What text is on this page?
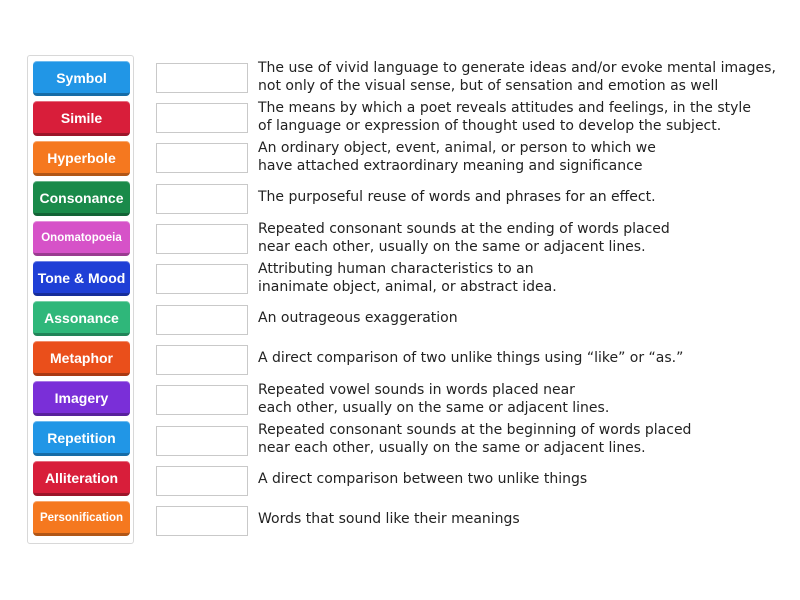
Symbol
Simile
Hyperbole
Consonance
Onomatopoeia
Tone & Mood
Assonance
Metaphor
Imagery
Repetition
Alliteration
Personification
The use of vivid language to generate ideas and/or evoke mental images,
not only of the visual sense, but of sensation and emotion as well
The means by which a poet reveals attitudes and feelings, in the style
of language or expression of thought used to develop the subject.
An ordinary object, event, animal, or person to which we
have attached extraordinary meaning and significance
The purposeful reuse of words and phrases for an effect.
Repeated consonant sounds at the ending of words placed
near each other, usually on the same or adjacent lines.
Attributing human characteristics to an
inanimate object, animal, or abstract idea.
An outrageous exaggeration
A direct comparison of two unlike things using “like” or “as.”
Repeated vowel sounds in words placed near
each other, usually on the same or adjacent lines.
Repeated consonant sounds at the beginning of words placed
near each other, usually on the same or adjacent lines.
A direct comparison between two unlike things
Words that sound like their meanings
